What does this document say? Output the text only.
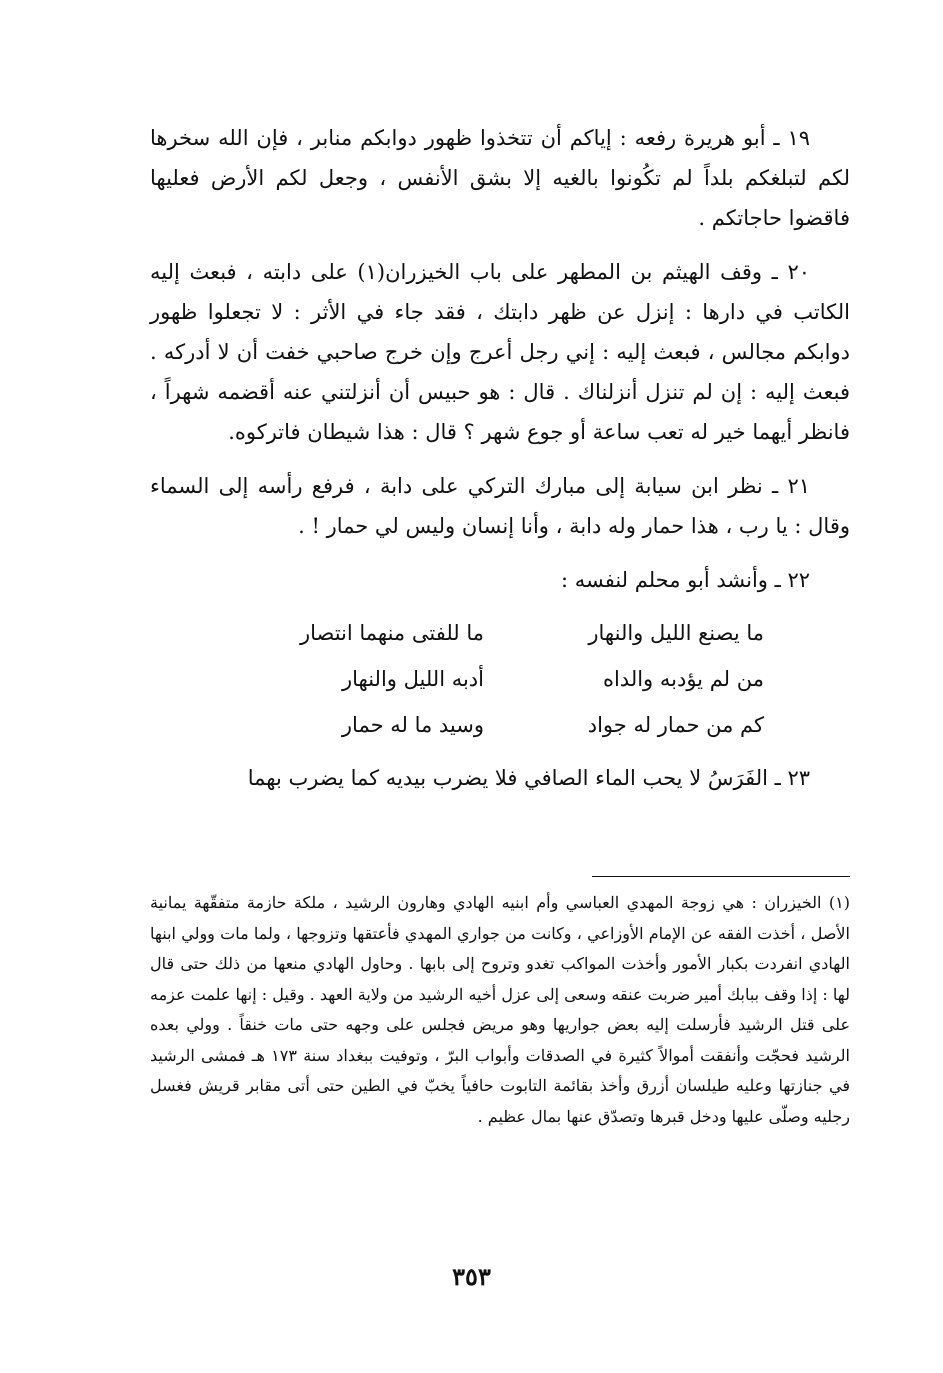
١٩ ـ أبو هريرة رفعه : إياكم أن تتخذوا ظهور دوابكم منابر ، فإن الله سخرها لكم لتبلغكم بلداً لم تكُونوا بالغيه إلا بشق الأنفس ، وجعل لكم الأرض فعليها فاقضوا حاجاتكم .

٢٠ ـ وقف الهيثم بن المطهر على باب الخيزران(١) على دابته ، فبعث إليه الكاتب في دارها : إنزل عن ظهر دابتك ، فقد جاء في الأثر : لا تجعلوا ظهور دوابكم مجالس ، فبعث إليه : إني رجل أعرج وإن خرج صاحبي خفت أن لا أدركه . فبعث إليه : إن لم تنزل أنزلناك . قال : هو حبيس أن أنزلتني عنه أقضمه شهراً ، فانظر أيهما خير له تعب ساعة أو جوع شهر ؟ قال : هذا شيطان فاتركوه.

٢١ ـ نظر ابن سيابة إلى مبارك التركي على دابة ، فرفع رأسه إلى السماء وقال : يا رب ، هذا حمار وله دابة ، وأنا إنسان وليس لي حمار ! .

٢٢ ـ وأنشد أبو محلم لنفسه :

ما يصنع الليل والنهار
ما للفتى منهما انتصار
من لم يؤدبه والداه
أدبه الليل والنهار
كم من حمار له جواد
وسيد ما له حمار

٢٣ ـ الفَرَسُ لا يحب الماء الصافي فلا يضرب بيديه كما يضرب بهما

(١) الخيزران : هي زوجة المهدي العباسي وأم ابنيه الهادي وهارون الرشيد ، ملكة حازمة متفقّهة يمانية الأصل ، أخذت الفقه عن الإمام الأوزاعي ، وكانت من جواري المهدي فأعتقها وتزوجها ، ولما مات وولي ابنها الهادي انفردت بكبار الأمور وأخذت المواكب تغدو وتروح إلى بابها . وحاول الهادي منعها من ذلك حتى قال لها : إذا وقف ببابك أمير ضربت عنقه وسعى إلى عزل أخيه الرشيد من ولاية العهد . وقيل : إنها علمت عزمه على قتل الرشيد فأرسلت إليه بعض جواريها وهو مريض فجلس على وجهه حتى مات خنقاً . وولي بعده الرشيد فحجّت وأنفقت أموالاً كثيرة في الصدقات وأبواب البرّ ، وتوفيت ببغداد سنة ١٧٣ هـ فمشى الرشيد في جنازتها وعليه طيلسان أزرق وأخذ بقائمة التابوت حافياً يخبّ في الطين حتى أتى مقابر قريش فغسل رجليه وصلّى عليها ودخل قبرها وتصدّق عنها بمال عظيم .

٣٥٣
